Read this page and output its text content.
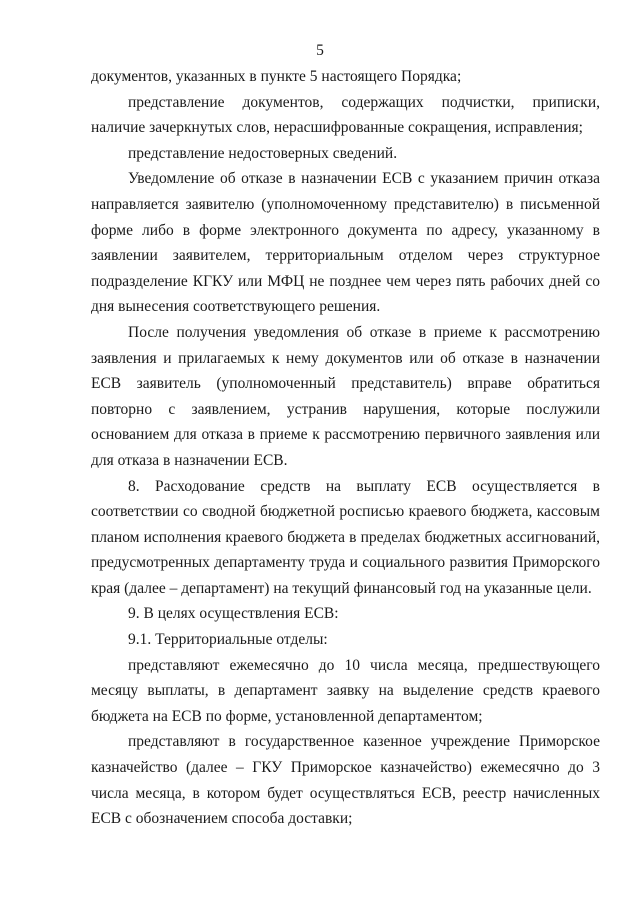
5

документов, указанных в пункте 5 настоящего Порядка;

представление документов, содержащих подчистки, приписки, наличие зачеркнутых слов, нерасшифрованные сокращения, исправления;

представление недостоверных сведений.

Уведомление об отказе в назначении ЕСВ с указанием причин отказа направляется заявителю (уполномоченному представителю) в письменной форме либо в форме электронного документа по адресу, указанному в заявлении заявителем, территориальным отделом через структурное подразделение КГКУ или МФЦ не позднее чем через пять рабочих дней со дня вынесения соответствующего решения.

После получения уведомления об отказе в приеме к рассмотрению заявления и прилагаемых к нему документов или об отказе в назначении ЕСВ заявитель (уполномоченный представитель) вправе обратиться повторно с заявлением, устранив нарушения, которые послужили основанием для отказа в приеме к рассмотрению первичного заявления или для отказа в назначении ЕСВ.

8. Расходование средств на выплату ЕСВ осуществляется в соответствии со сводной бюджетной росписью краевого бюджета, кассовым планом исполнения краевого бюджета в пределах бюджетных ассигнований, предусмотренных департаменту труда и социального развития Приморского края (далее – департамент) на текущий финансовый год на указанные цели.

9. В целях осуществления ЕСВ:

9.1. Территориальные отделы:

представляют ежемесячно до 10 числа месяца, предшествующего месяцу выплаты, в департамент заявку на выделение средств краевого бюджета на ЕСВ по форме, установленной департаментом;

представляют в государственное казенное учреждение Приморское казначейство (далее – ГКУ Приморское казначейство) ежемесячно до 3 числа месяца, в котором будет осуществляться ЕСВ, реестр начисленных ЕСВ с обозначением способа доставки;
